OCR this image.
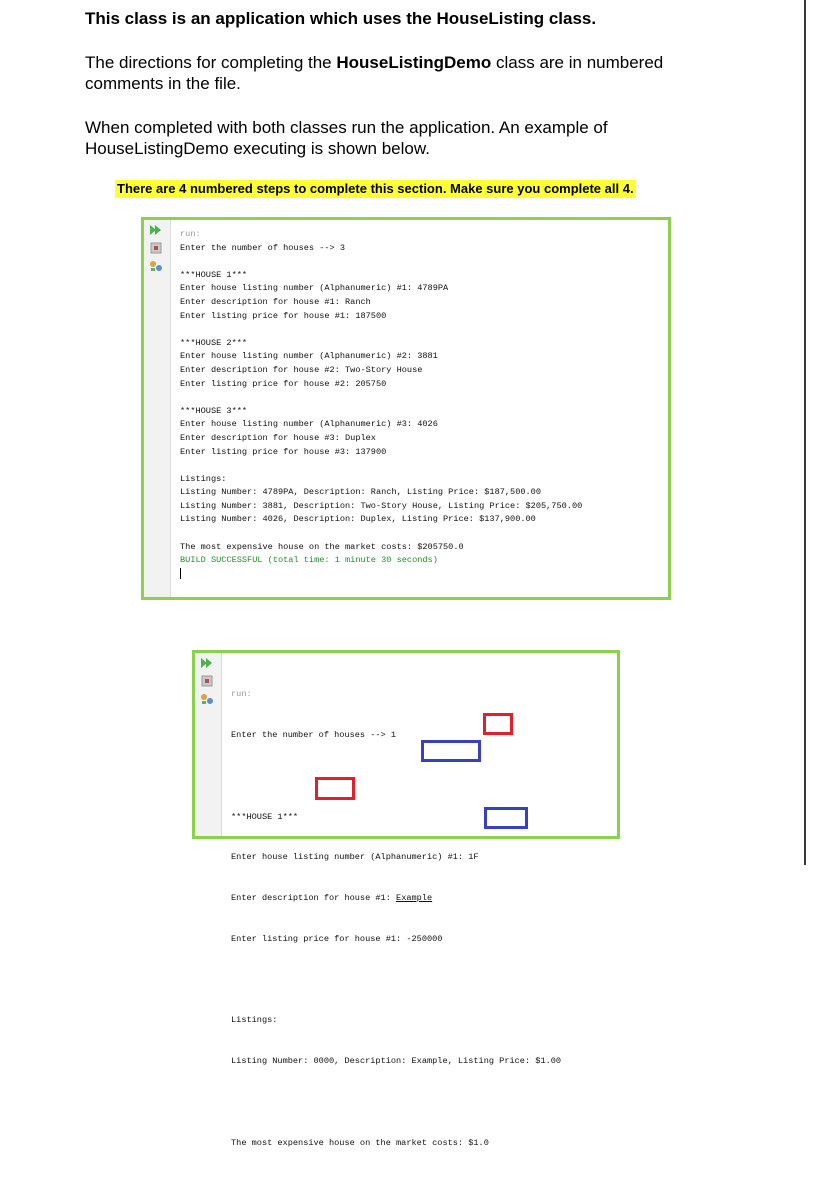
This class is an application which uses the HouseListing class.
The directions for completing the HouseListingDemo class are in numbered
comments in the file.
When completed with both classes run the application. An example of
HouseListingDemo executing is shown below.
There are 4 numbered steps to complete this section. Make sure you complete all 4.
run:
Enter the number of houses --> 3
***HOUSE 1***
Enter house listing number (Alphanumeric) #1: 4789PA
Enter description for house #1: Ranch
Enter listing price for house #1: 187500
***HOUSE 2***
Enter house listing number (Alphanumeric) #2: 3881
Enter description for house #2: Two-Story House
Enter listing price for house #2: 205750
***HOUSE 3***
Enter house listing number (Alphanumeric) #3: 4026
Enter description for house #3: Duplex
Enter listing price for house #3: 137900
Listings:
Listing Number: 4789PA, Description: Ranch, Listing Price: $187,500.00
Listing Number: 3881, Description: Two-Story House, Listing Price: $205,750.00
Listing Number: 4026, Description: Duplex, Listing Price: $137,900.00
The most expensive house on the market costs: $205750.0
BUILD SUCCESSFUL (total time: 1 minute 30 seconds)

run:

Enter the number of houses --> 1

***HOUSE 1***

Enter house listing number (Alphanumeric) #1: 1F

Enter description for house #1: Example

Enter listing price for house #1: -250000

Listings:

Listing Number: 0000, Description: Example, Listing Price: $1.00

The most expensive house on the market costs: $1.0
